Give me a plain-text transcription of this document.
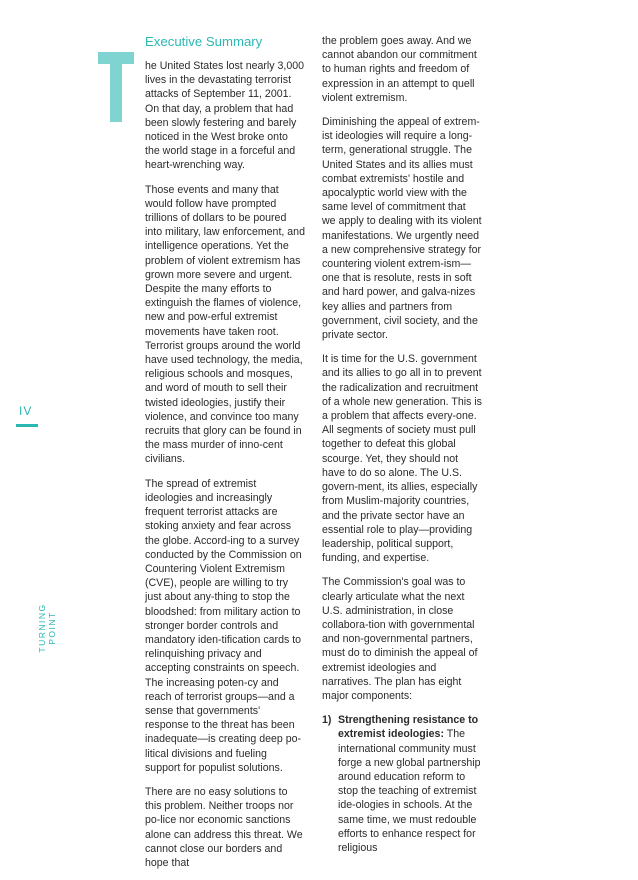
Executive Summary

he United States lost nearly 3,000 lives in the devastating terrorist attacks of September 11, 2001. On that day, a problem that had been slowly festering and barely noticed in the West broke onto the world stage in a forceful and heart-wrenching way.

Those events and many that would follow have prompted trillions of dollars to be poured into military, law enforcement, and intelligence operations. Yet the problem of violent extremism has grown more severe and urgent. Despite the many efforts to extinguish the flames of violence, new and pow-erful extremist movements have taken root. Terrorist groups around the world have used technology, the media, religious schools and mosques, and word of mouth to sell their twisted ideologies, justify their violence, and convince too many recruits that glory can be found in the mass murder of inno-cent civilians.

The spread of extremist ideologies and increasingly frequent terrorist attacks are stoking anxiety and fear across the globe. Accord-ing to a survey conducted by the Commission on Countering Violent Extremism (CVE), people are willing to try just about any-thing to stop the bloodshed: from military action to stronger border controls and mandatory iden-tification cards to relinquishing privacy and accepting constraints on speech. The increasing poten-cy and reach of terrorist groups—and a sense that governments' response to the threat has been inadequate—is creating deep po-litical divisions and fueling support for populist solutions.

There are no easy solutions to this problem. Neither troops nor po-lice nor economic sanctions alone can address this threat. We cannot close our borders and hope that

the problem goes away. And we cannot abandon our commitment to human rights and freedom of expression in an attempt to quell violent extremism.

Diminishing the appeal of extrem-ist ideologies will require a long-term, generational struggle. The United States and its allies must combat extremists' hostile and apocalyptic world view with the same level of commitment that we apply to dealing with its violent manifestations. We urgently need a new comprehensive strategy for countering violent extrem-ism—one that is resolute, rests in soft and hard power, and galva-nizes key allies and partners from government, civil society, and the private sector.

It is time for the U.S. government and its allies to go all in to prevent the radicalization and recruitment of a whole new generation. This is a problem that affects every-one. All segments of society must pull together to defeat this global scourge. Yet, they should not have to do so alone. The U.S. govern-ment, its allies, especially from Muslim-majority countries, and the private sector have an essential role to play—providing leadership, political support, funding, and expertise.

The Commission's goal was to clearly articulate what the next U.S. administration, in close collabora-tion with governmental and non-governmental partners, must do to diminish the appeal of extremist ideologies and narratives. The plan has eight major components:

1) Strengthening resistance to extremist ideologies: The international community must forge a new global partnership around education reform to stop the teaching of extremist ide-ologies in schools. At the same time, we must redouble efforts to enhance respect for religious
IV
TURNING POINT
